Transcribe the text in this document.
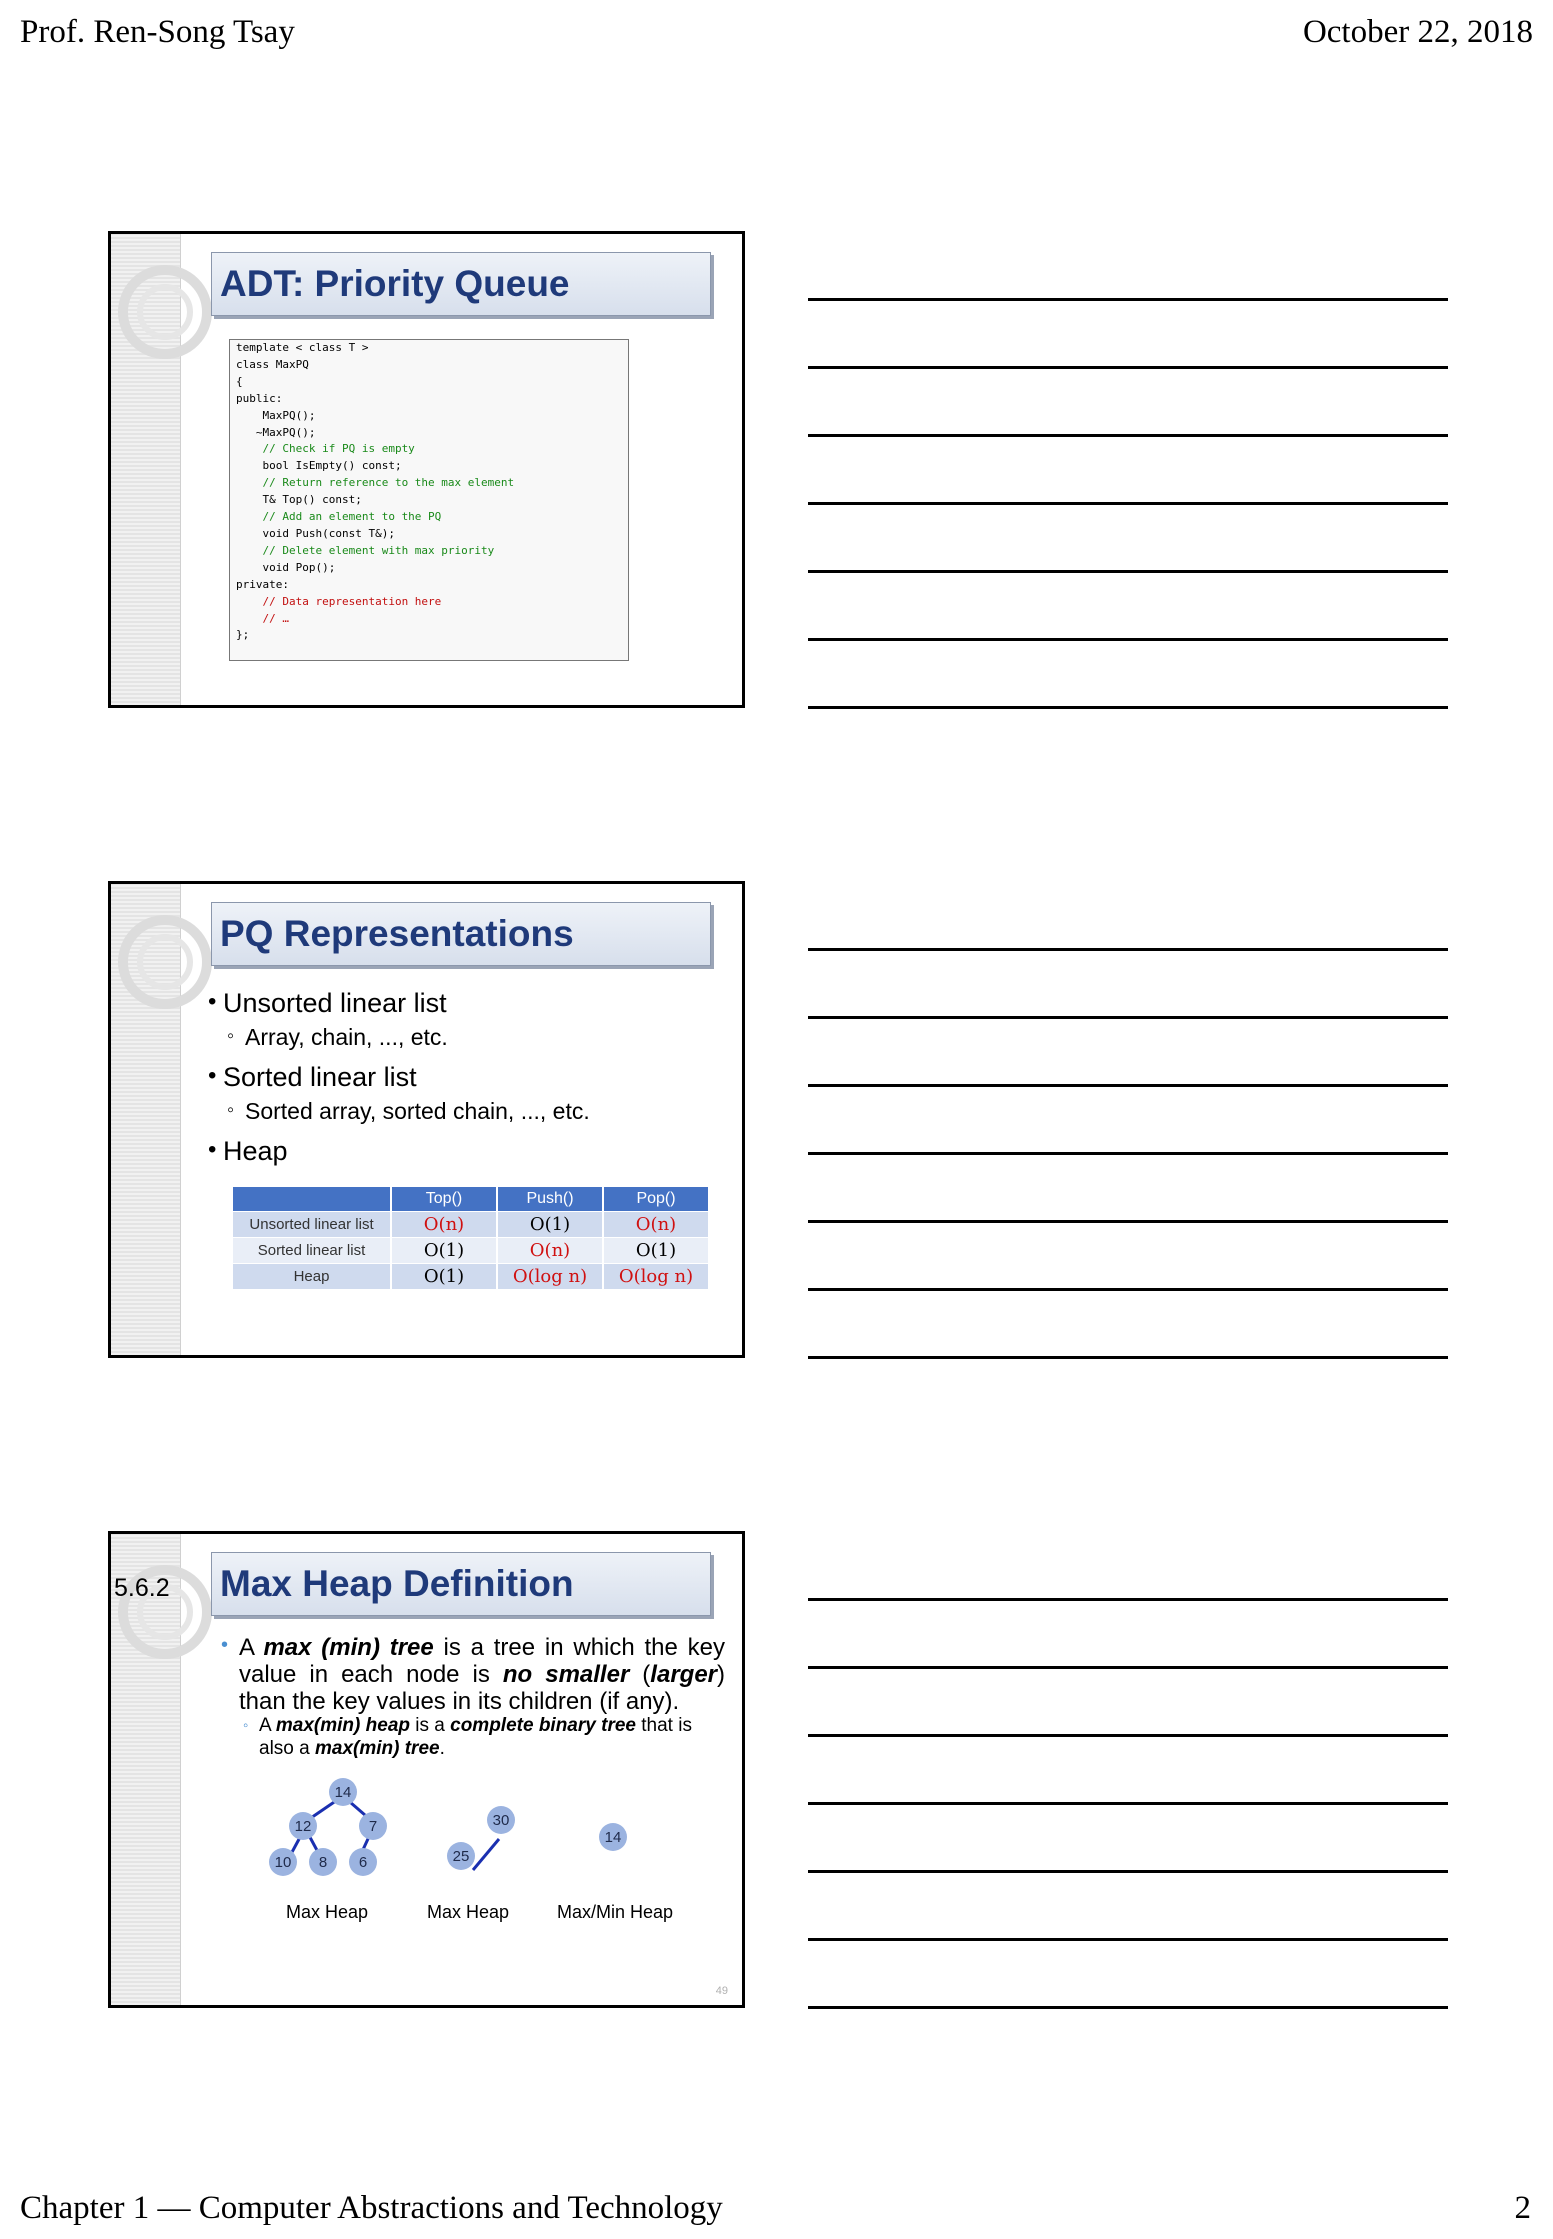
Prof. Ren-Song Tsay	October 22, 2018
ADT: Priority Queue
template < class T >
class MaxPQ
{
public:
MaxPQ();
~MaxPQ();
// Check if PQ is empty
bool IsEmpty() const;
// Return reference to the max element
T& Top() const;
// Add an element to the PQ
void Push(const T&);
// Delete element with max priority
void Pop();
private:
// Data representation here
// …
};
PQ Representations
• Unsorted linear list
◦ Array, chain, ..., etc.
• Sorted linear list
◦ Sorted array, sorted chain, ..., etc.
• Heap
	Top()	Push()	Pop()
Unsorted linear list	O(n)	O(1)	O(n)
Sorted linear list	O(1)	O(n)	O(1)
Heap	O(1)	O(log n)	O(log n)
5.6.2 Max Heap Definition
• A max (min) tree is a tree in which the key value in each node is no smaller (larger) than the key values in its children (if any).
◦ A max(min) heap is a complete binary tree that is also a max(min) tree.
14
12	7
10 8 6
30
25
14
Max Heap	Max Heap	Max/Min Heap
49
Chapter 1 — Computer Abstractions and Technology	2
